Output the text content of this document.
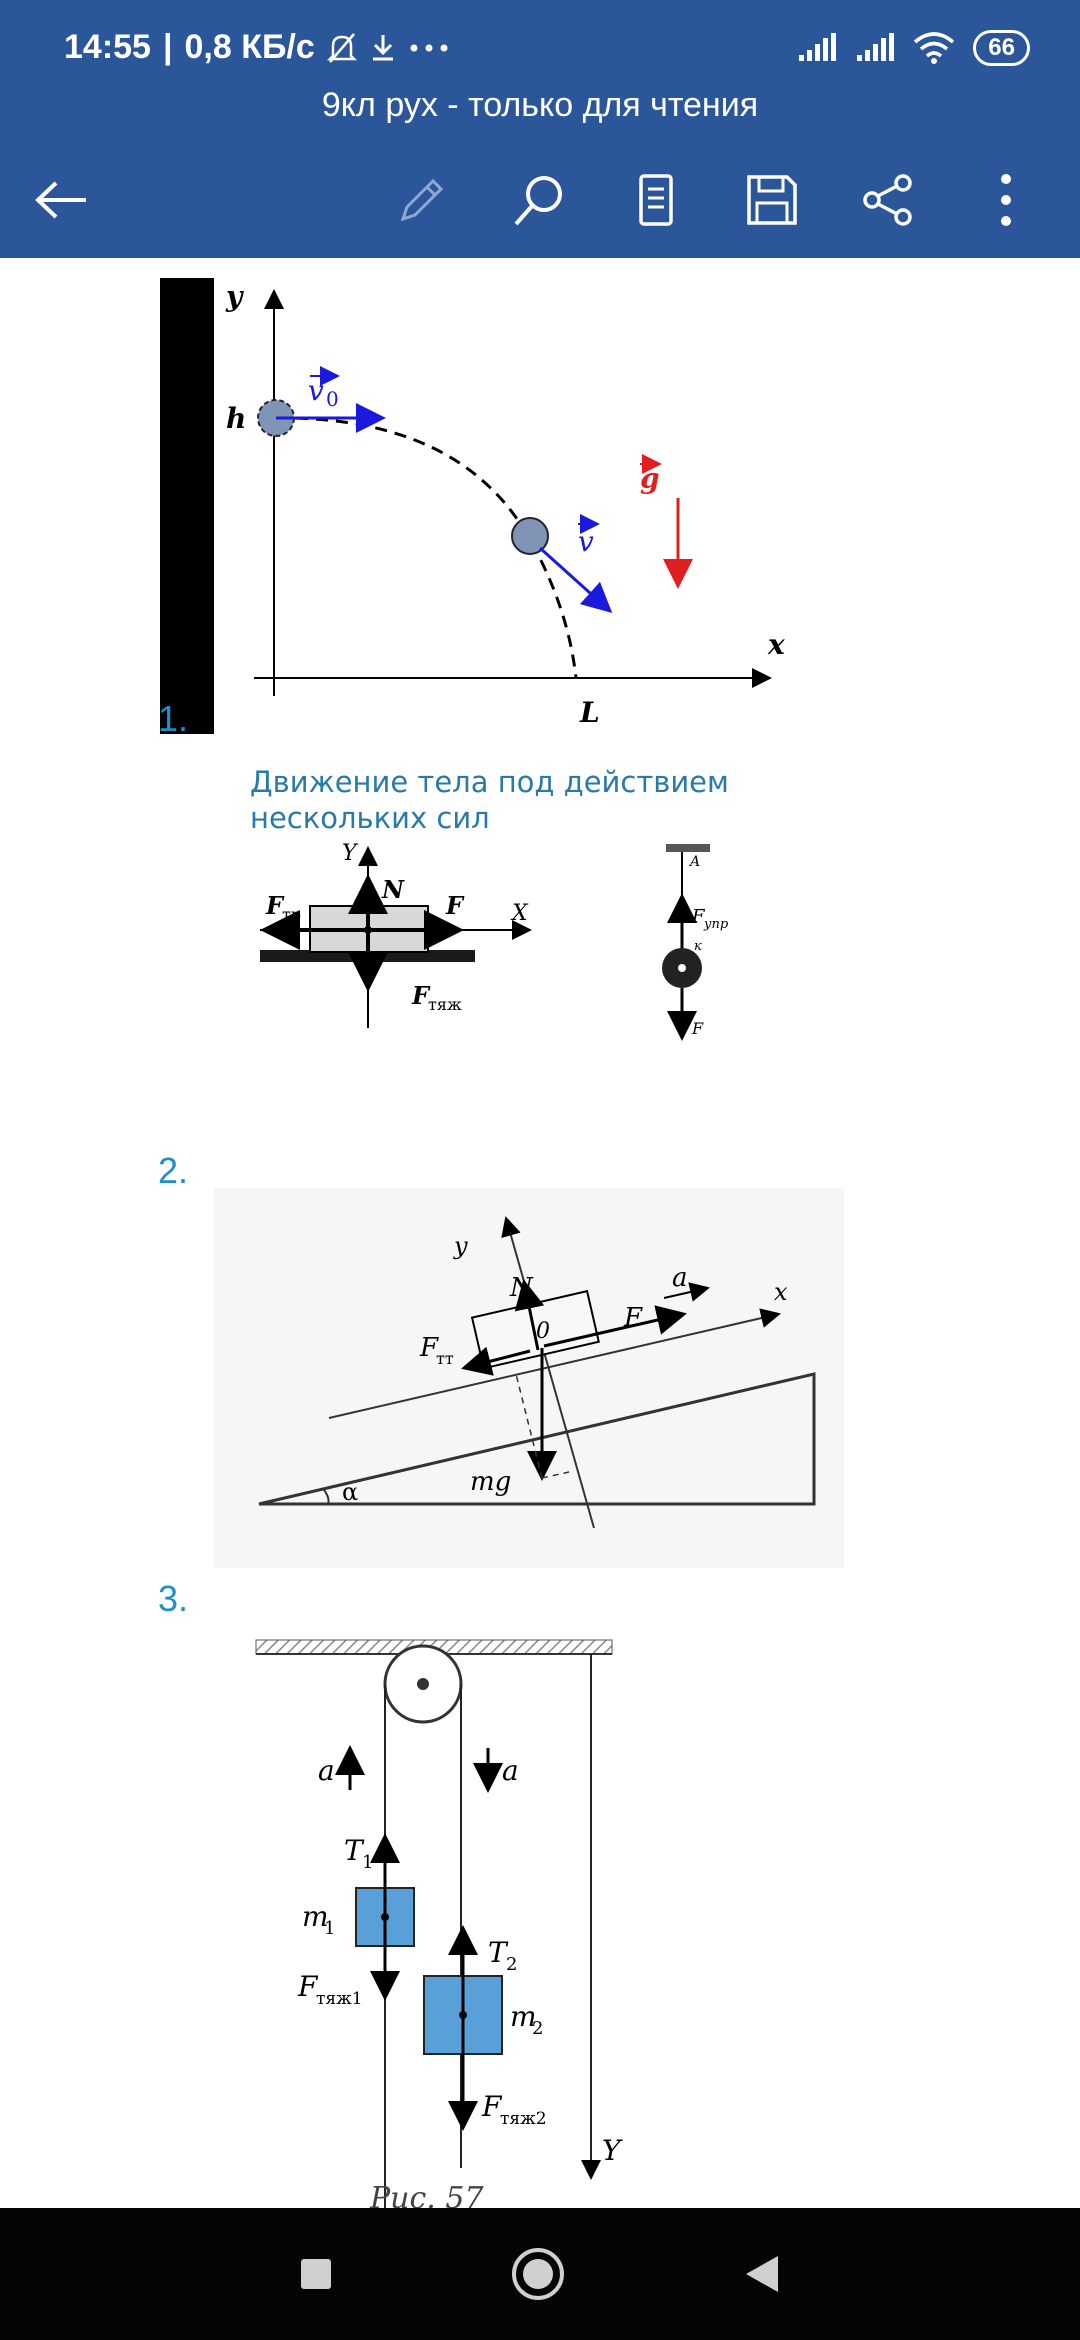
14:55 | 0,8 КБ/с	66
9кл рух - только для чтения
y
h
x
L
v 0
v
g
1.
Движение тела под действием
нескольких сил
Y
X
N
F
F
тр
F
тяж
A
F упр
к
F
2.
y
x
N
F
a
F
тт
0
α	mg
3.
a	a
T 1
m
1
F
тяж1
T 2
m
2
F
тяж2
Y
Рис. 57
